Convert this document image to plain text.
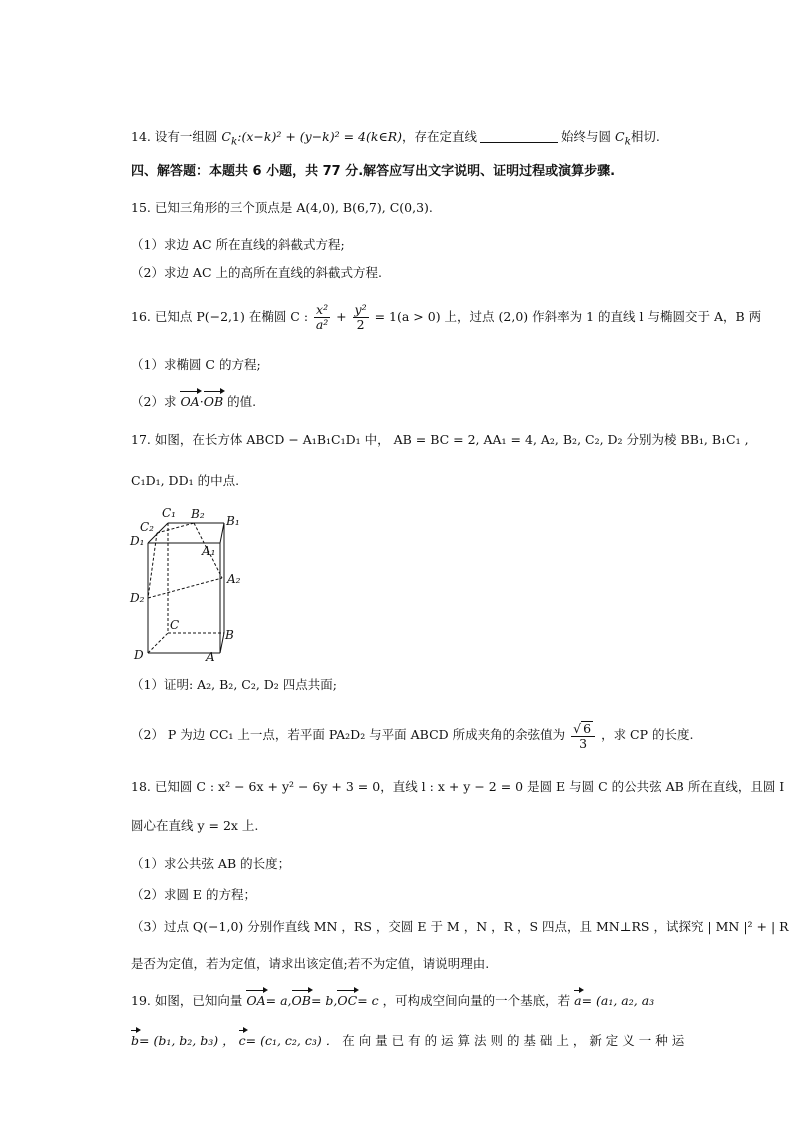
14. 设有一组圆 $C_k:(x-k)^2 + (y-k)^2$ = 4(k∈R)，存在定直线	始终与圆 $C_k$相切.
四、解答题：本题共 6 小题，共 77 分.解答应写出文字说明、证明过程或演算步骤.
15. 已知三角形的三个顶点是 A(4,0), B(6,7), C(0,3).
（1）求边 AC 所在直线的斜截式方程;
（2）求边 AC 上的高所在直线的斜截式方程.
16. 已知点 P(−2,1) 在椭圆 C : $\frac{\text{x²}}{\text{a²}} + \frac{\text{y²}}{2} = 1(a > 0)$ 上，过点 (2,0) 作斜率为 1 的直线 l 与椭圆交于 A，B 两
（1）求椭圆 C 的方程;
（2）求 OA·OB 的值.
17. 如图，在长方体 ABCD − A₁B₁C₁D₁ 中， AB = BC = 2, AA₁ = 4, A₂, B₂, C₂, D₂ 分别为棱 BB₁, B₁C₁ ,
C₁D₁, DD₁ 的中点.
C₁ B₂ B₁
C₂
D₁
A₁
A₂
D₂
C
B
D	A
（1）证明: A₂, B₂, C₂, D₂ 四点共面;
（2） P 为边 CC₁ 上一点，若平面 PA₂D₂ 与平面 ABCD 所成夹角的余弦值为 $\frac{√ 6}{3}$ ，求 CP 的长度.
18. 已知圆 C : x² − 6x + y² − 6y + 3 = 0，直线 l : x + y − 2 = 0 是圆 E 与圆 C 的公共弦 AB 所在直线，且圆 I
圆心在直线 y = 2x 上.
（1）求公共弦 AB 的长度；
（2）求圆 E 的方程；
（3）过点 Q(−1,0) 分别作直线 MN ，RS ，交圆 E 于 M ，N ，R ，S 四点，且 MN⊥RS ，试探究 | MN |² + | R
是否为定值，若为定值，请求出该定值;若不为定值，请说明理由.
19. 如图，已知向量 OA= a,OB= b,OC= c ，可构成空间向量的一个基底，若 a= (a₁, a₂, a₃
b= (b₁, b₂, b₃) ， c= (c₁, c₂, c₃) ． 在 向 量 已 有 的 运 算 法 则 的 基 础 上 ， 新 定 义 一 种 运
